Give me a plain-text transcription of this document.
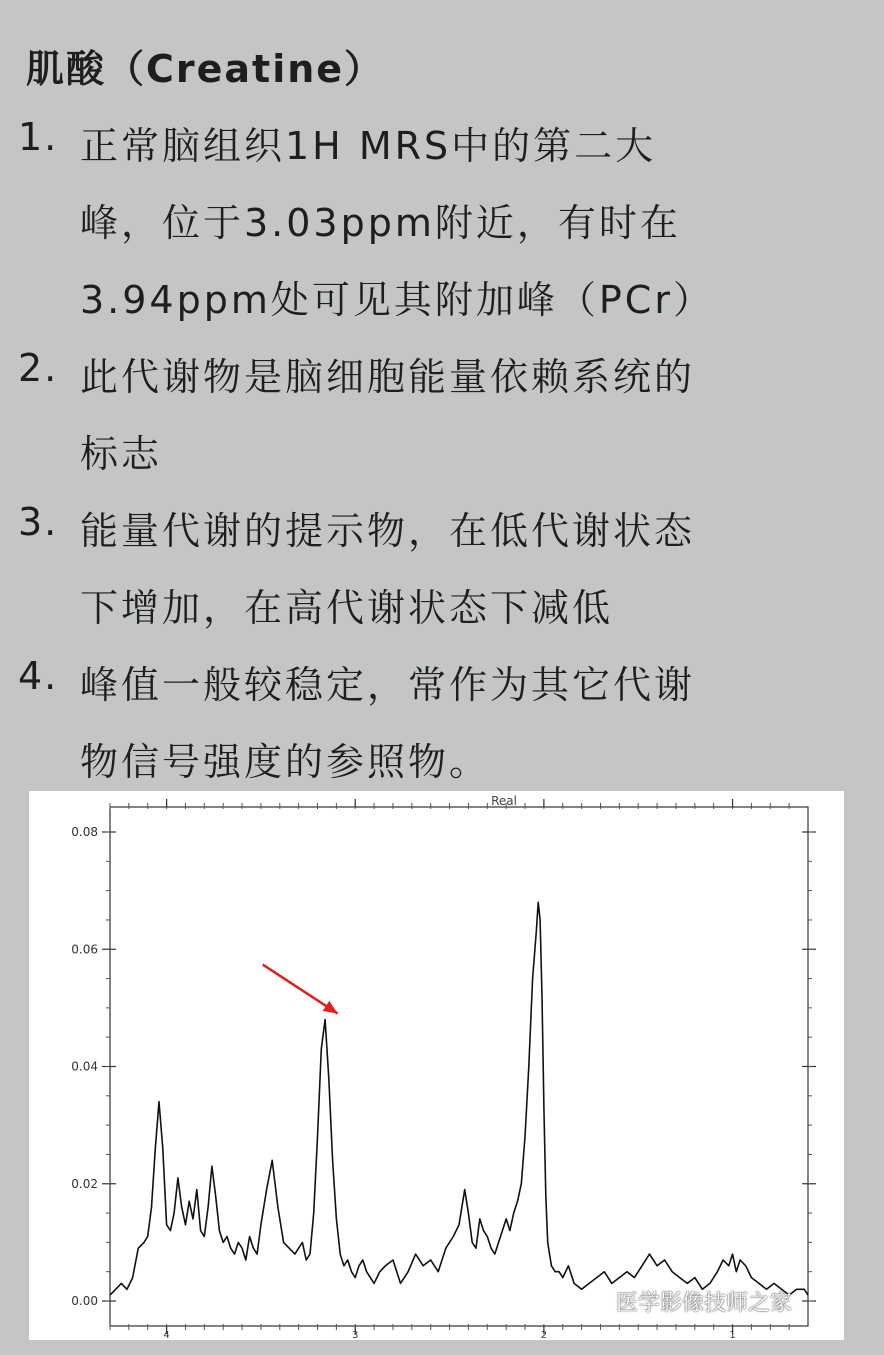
肌酸（Creatine）
1. 正常脑组织1H MRS中的第二大
峰，位于3.03ppm附近，有时在
3.94ppm处可见其附加峰（PCr）
2. 此代谢物是脑细胞能量依赖系统的
标志
3. 能量代谢的提示物，在低代谢状态
下增加，在高代谢状态下减低
4. 峰值一般较稳定，常作为其它代谢
物信号强度的参照物。
0.00
0.02
0.04
0.06
0.08
4	3	2	1
Real
医学影像技师之家
